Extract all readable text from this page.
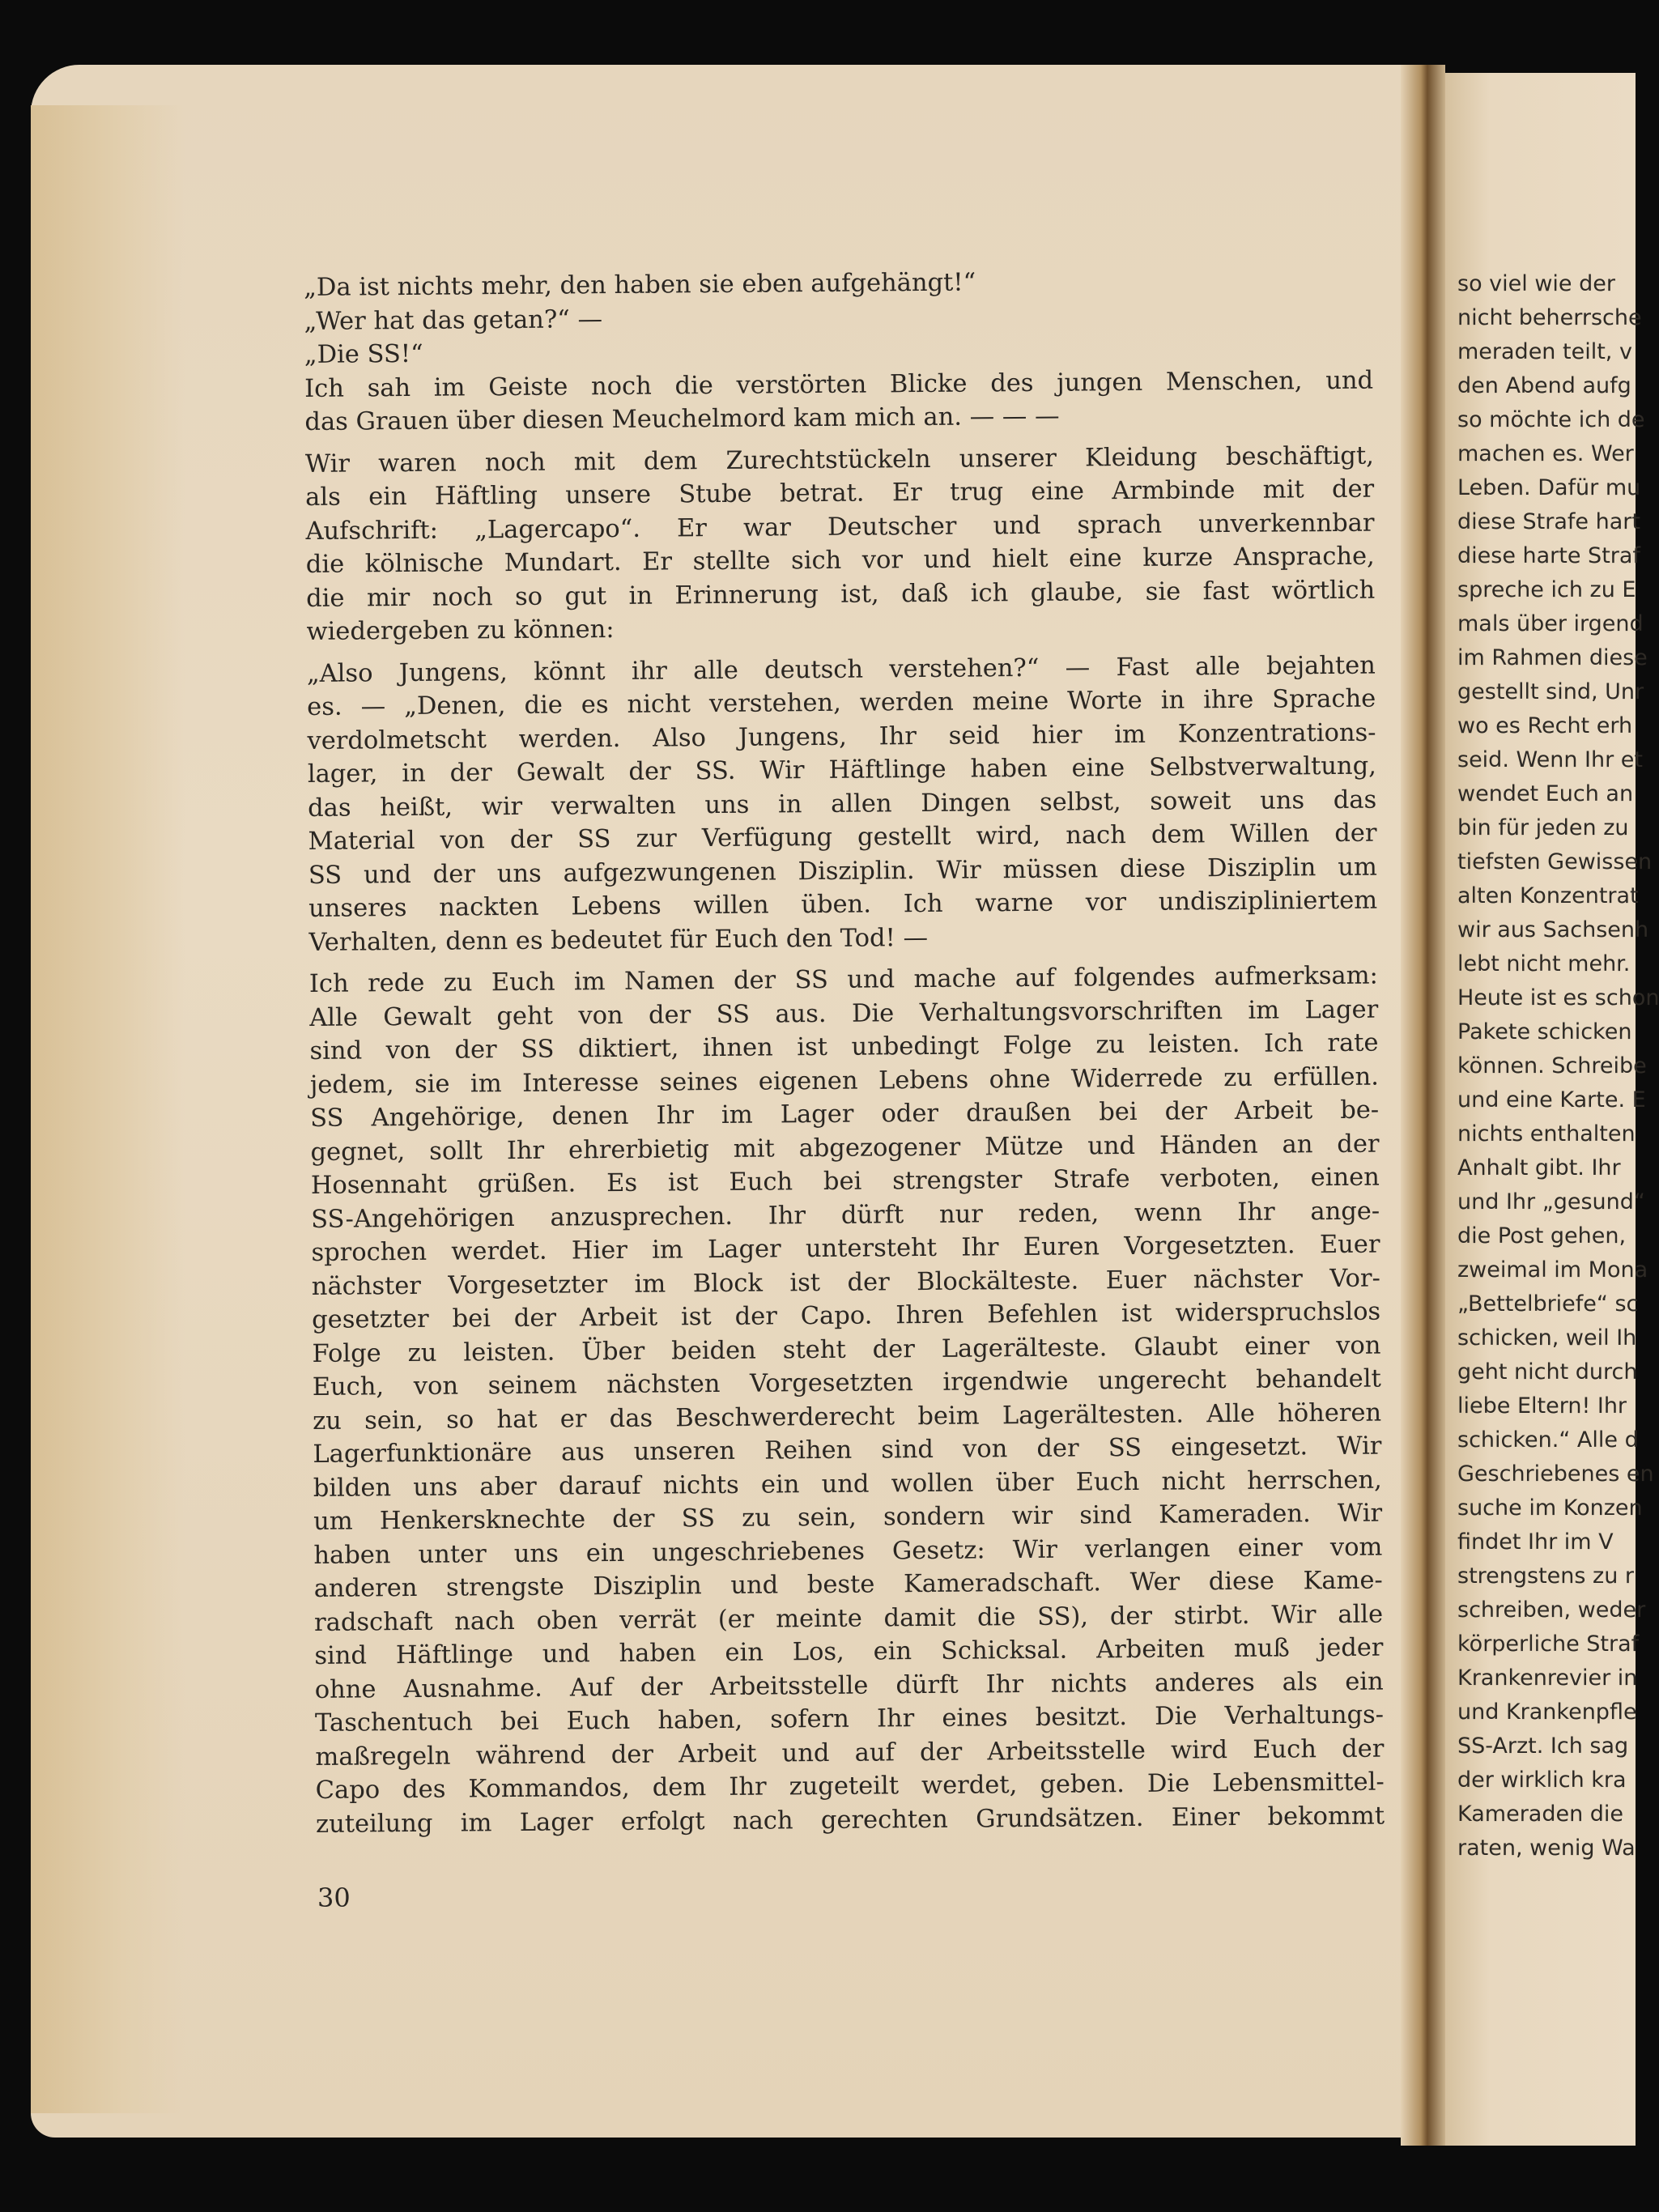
„Da ist nichts mehr, den haben sie eben aufgehängt!“
„Wer hat das getan?“ —
„Die SS!“
Ich sah im Geiste noch die verstörten Blicke des jungen Menschen, und
das Grauen über diesen Meuchelmord kam mich an. — — —
Wir waren noch mit dem Zurechtstückeln unserer Kleidung beschäftigt,
als ein Häftling unsere Stube betrat. Er trug eine Armbinde mit der
Aufschrift: „Lagercapo“. Er war Deutscher und sprach unverkennbar
die kölnische Mundart. Er stellte sich vor und hielt eine kurze Ansprache,
die mir noch so gut in Erinnerung ist, daß ich glaube, sie fast wörtlich
wiedergeben zu können:
„Also Jungens, könnt ihr alle deutsch verstehen?“ — Fast alle bejahten
es. — „Denen, die es nicht verstehen, werden meine Worte in ihre Sprache
verdolmetscht werden. Also Jungens, Ihr seid hier im Konzentrations-
lager, in der Gewalt der SS. Wir Häftlinge haben eine Selbstverwaltung,
das heißt, wir verwalten uns in allen Dingen selbst, soweit uns das
Material von der SS zur Verfügung gestellt wird, nach dem Willen der
SS und der uns aufgezwungenen Disziplin. Wir müssen diese Disziplin um
unseres nackten Lebens willen üben. Ich warne vor undiszipliniertem
Verhalten, denn es bedeutet für Euch den Tod! —
Ich rede zu Euch im Namen der SS und mache auf folgendes aufmerksam:
Alle Gewalt geht von der SS aus. Die Verhaltungsvorschriften im Lager
sind von der SS diktiert, ihnen ist unbedingt Folge zu leisten. Ich rate
jedem, sie im Interesse seines eigenen Lebens ohne Widerrede zu erfüllen.
SS Angehörige, denen Ihr im Lager oder draußen bei der Arbeit be-
gegnet, sollt Ihr ehrerbietig mit abgezogener Mütze und Händen an der
Hosennaht grüßen. Es ist Euch bei strengster Strafe verboten, einen
SS-Angehörigen anzusprechen. Ihr dürft nur reden, wenn Ihr ange-
sprochen werdet. Hier im Lager untersteht Ihr Euren Vorgesetzten. Euer
nächster Vorgesetzter im Block ist der Blockälteste. Euer nächster Vor-
gesetzter bei der Arbeit ist der Capo. Ihren Befehlen ist widerspruchslos
Folge zu leisten. Über beiden steht der Lagerälteste. Glaubt einer von
Euch, von seinem nächsten Vorgesetzten irgendwie ungerecht behandelt
zu sein, so hat er das Beschwerderecht beim Lagerältesten. Alle höheren
Lagerfunktionäre aus unseren Reihen sind von der SS eingesetzt. Wir
bilden uns aber darauf nichts ein und wollen über Euch nicht herrschen,
um Henkersknechte der SS zu sein, sondern wir sind Kameraden. Wir
haben unter uns ein ungeschriebenes Gesetz: Wir verlangen einer vom
anderen strengste Disziplin und beste Kameradschaft. Wer diese Kame-
radschaft nach oben verrät (er meinte damit die SS), der stirbt. Wir alle
sind Häftlinge und haben ein Los, ein Schicksal. Arbeiten muß jeder
ohne Ausnahme. Auf der Arbeitsstelle dürft Ihr nichts anderes als ein
Taschentuch bei Euch haben, sofern Ihr eines besitzt. Die Verhaltungs-
maßregeln während der Arbeit und auf der Arbeitsstelle wird Euch der
Capo des Kommandos, dem Ihr zugeteilt werdet, geben. Die Lebensmittel-
zuteilung im Lager erfolgt nach gerechten Grundsätzen. Einer bekommt
30
so viel wie der
nicht beherrsche
meraden teilt, v
den Abend aufg
so möchte ich de
machen es. Wer
Leben. Dafür mu
diese Strafe hart
diese harte Straf
spreche ich zu E
mals über irgend
im Rahmen diese
gestellt sind, Unr
wo es Recht erh
seid. Wenn Ihr et
wendet Euch an
bin für jeden zu
tiefsten Gewissen
alten Konzentrat
wir aus Sachsenh
lebt nicht mehr.
Heute ist es schon
Pakete schicken
können. Schreibe
und eine Karte. E
nichts enthalten
Anhalt gibt. Ihr
und Ihr „gesund“
die Post gehen,
zweimal im Mona
„Bettelbriefe“ sc
schicken, weil Ih
geht nicht durch
liebe Eltern! Ihr
schicken.“ Alle d
Geschriebenes en
suche im Konzen
findet Ihr im V
strengstens zu r
schreiben, weder
körperliche Straf
Krankenrevier in
und Krankenpfle
SS-Arzt. Ich sag
der wirklich kra
Kameraden die
raten, wenig Wa
